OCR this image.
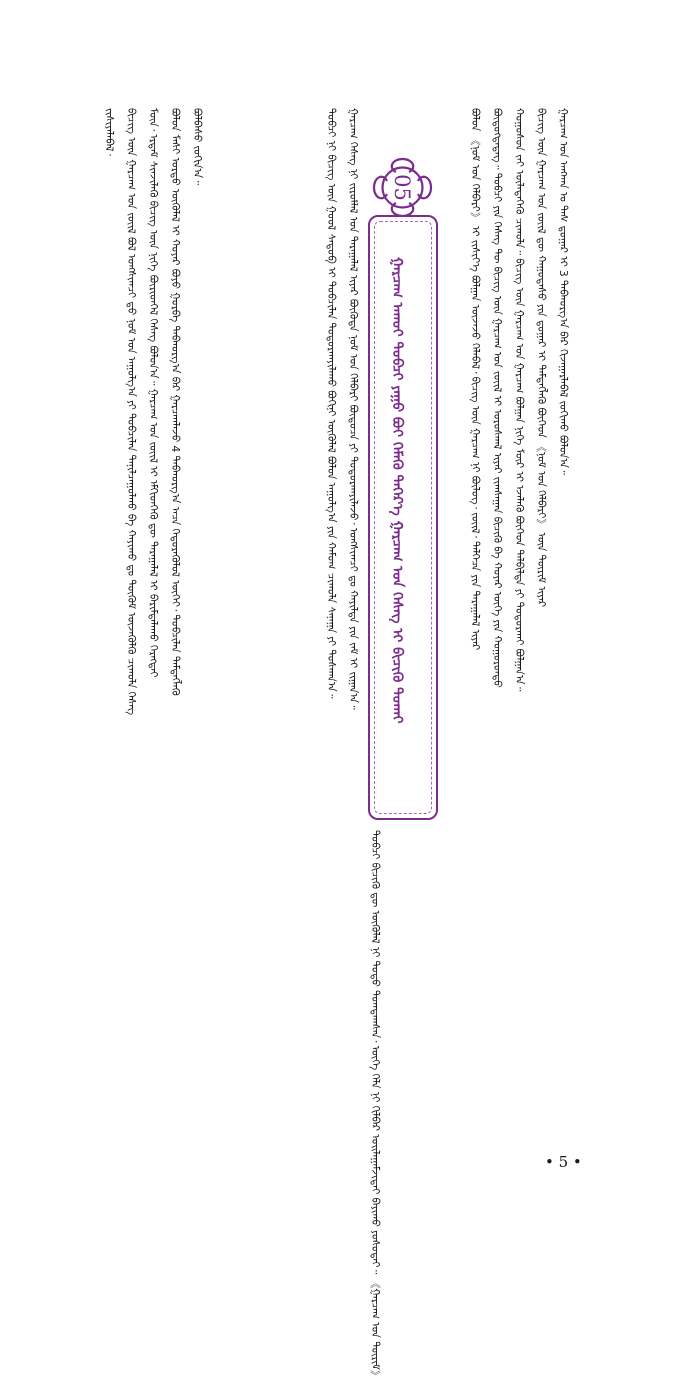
ᠵᠢᠱᠢᠶᠡᠯᠡᠪᠡᠯ᠂ ᠪᠢᠴᠢᠭ᠌ ᠦᠨ ᠭᠠᠷᠴᠠᠭ ᠤᠨ ᠵᠦᠢᠯ ᠪᠣᠯ ᠤᠩᠰᠢᠭᠴᠢ ᠳ᠋ᠤ ᠨᠣᠮ ᠤᠨ ᠠᠭᠤᠯᠭ᠎ᠠ ᠶᠢ ᠲᠣᠪᠴᠢᠯᠠᠨ ᠲᠠᠨᠢᠯᠴᠠᠭᠤᠯᠬᠤ ᠪᠠ ᠬᠠᠶᠢᠬᠤ ᠳᠤ ᠳᠥᠭᠥᠮ ᠦᠵᠡᠭᠦᠯᠬᠦ ᠴᠢᠬᠤᠯᠠ ᠬᠡᠰᠡᠭ ᠮᠥᠨ᠂ ᠡᠷᠳᠡᠮ ᠰᠢᠨᠵᠢᠯᠡᠬᠦ ᠪᠢᠴᠢᠭ᠌ ᠦᠨ ᠨᠢᠭᠡ ᠪᠦᠷᠢᠳᠬᠡᠯ ᠬᠡᠰᠡᠭ ᠪᠣᠯᠤᠨ᠎ᠠ᠃ ᠭᠠᠷᠴᠠᠭ ᠤᠨ ᠵᠦᠢᠯ ᠢ ᠡᠮᠬᠢᠳᠬᠡᠬᠦ ᠳᠦ ᠳᠠᠷᠠᠭᠠᠯᠠᠯ ᠢ ᠪᠠᠷᠢᠮᠲᠠᠯᠠᠬᠤ ᠬᠡᠷᠡᠭᠲᠡᠢ ᠪᠣᠯᠤᠨ ᠮᠠᠰᠢ ᠤᠷᠲᠤ ᠦᠭᠦᠯᠡᠯ ᠢ ᠬᠣᠶᠠᠷ ᠪᠤᠶᠤ ᠭᠤᠷᠪᠠ ᠳᠠᠪᠬᠤᠷᠭ᠎ᠠ ᠪᠠᠷ ᠭᠠᠷᠴᠠᠭᠯᠠᠵᠤ 4 ᠳᠠᠪᠬᠤᠷᠭ᠎ᠠ ᠠᠴᠠ ᠬᠡᠲᠦᠷᠡᠭᠦᠯᠦᠯ ᠦᠭᠡᠢ᠂ ᠲᠣᠪᠴᠢᠯᠠᠨ ᠲᠡᠮᠳᠡᠭᠯᠡᠬᠦ ᠪᠣᠯᠪᠠᠰᠤ ᠵᠣᠬᠢᠨ᠎ᠠ᠃
05
ᠭᠠᠷᠴᠠᠭ ᠠᠬᠤᠢ ᠲᠣᠪᠴᠢ ᠶᠠᠭᠤ ᠪᠤᠢ ᠬᠡᠮᠡᠬᠦ ᠳᠡᠭᠡᠷ᠎ᠡ ᠭᠠᠷᠴᠠᠭ ᠤᠨ ᠬᠡᠰᠡᠭ ᠢ ᠪᠢᠴᠢᠬᠦ ᠲᠤᠬᠠᠢ
ᠲᠣᠪᠴᠢ ᠨᠢ ᠪᠢᠴᠢᠭ᠌ ᠦᠨ ᠭᠣᠤᠯ ᠰᠡᠳᠦᠪ ᠢ ᠲᠣᠪᠴᠢᠯᠠᠨ ᠲᠣᠳᠣᠷᠬᠠᠶᠢᠯᠠᠬᠤ ᠪᠣᠭᠢᠨᠢ ᠦᠭᠦᠯᠡᠯ ᠪᠣᠯᠤᠨ ᠠᠭᠤᠯᠭ᠎ᠠ ᠶᠢᠨ ᠬᠠᠮᠤᠭ ᠴᠢᠬᠤᠯᠠ ᠰᠠᠨᠠᠭᠠ ᠶᠢ ᠲᠤᠰᠬᠠᠨ᠎ᠠ᠃ ᠭᠠᠷᠴᠠᠭ ᠬᠡᠰᠡᠭ ᠨᠢ ᠵᠢᠷᠤᠮᠯᠠᠯ ᠤᠨ ᠳᠠᠷᠠᠭᠠᠯᠠᠯ ᠢᠶᠠᠷ ᠪᠦᠭᠦᠳᠡ ᠨᠣᠮ ᠤᠨ ᠬᠡᠯᠪᠡᠷᠢ ᠪᠦᠲᠦᠴᠡ ᠶᠢ ᠲᠣᠳᠣᠷᠬᠠᠶᠢᠯᠠᠵᠤ᠂ ᠤᠩᠰᠢᠭᠴᠢ ᠳᠤ ᠬᠠᠶᠢᠯᠲᠠ ᠶᠢᠨ ᠵᠠᠮ ᠢ ᠵᠢᠭᠠᠨ᠎ᠠ᠃
ᠲᠣᠪᠴᠢ ᠪᠢᠴᠢᠬᠦ ᠳᠦ ᠦᠭᠦᠯᠡᠯ ᠨᠢ ᠲᠣᠳᠣ ᠲᠣᠭᠲᠠᠭᠰᠠᠨ᠂ ᠦᠭᠡ ᠬᠡᠯᠡ ᠨᠢ ᠬᠢᠯᠪᠠᠷ ᠣᠢᠯᠠᠭᠠᠮᠵᠢᠲᠠᠢ ᠪᠠᠶᠢᠬᠤ ᠶᠣᠰᠤᠲᠠᠢ᠃ 《ᠭᠠᠷᠴᠠᠭ ᠤᠨ ᠳᠦᠷᠢᠮ》
ᠪᠣᠯᠤᠨ 《ᠨᠣᠮ ᠤᠨ ᠬᠡᠯᠪᠡᠷᠢ》 ᠢ ᠵᠢᠱᠢᠶ᠎ᠡ ᠪᠣᠯᠭᠠᠨ ᠦᠵᠡᠵᠦ ᠬᠡᠯᠡᠪᠡᠯ᠂ ᠪᠢᠴᠢᠭ᠌ ᠦᠨ ᠭᠠᠷᠴᠠᠭ ᠨᠢ ᠪᠦᠯᠦᠭ᠂ ᠵᠦᠢᠯ᠂ ᠳᠡᠯᠬᠡᠴᠡ ᠶᠢᠨ ᠳᠠᠷᠠᠭᠠᠯᠠᠯ ᠢᠶᠠᠷ ᠪᠦᠲᠦᠭᠳᠡᠳᠡᠭ᠃ ᠲᠣᠪᠴᠢ ᠶᠢᠨ ᠬᠡᠰᠡᠭ ᠲᠦ ᠪᠢᠴᠢᠭ᠌ ᠦᠨ ᠭᠠᠷᠴᠠᠭ ᠤᠨ ᠵᠦᠢᠯ ᠢ ᠤᠷᠤᠰᠬᠠᠯ ᠢᠶᠠᠷ ᠵᠢᠭᠰᠠᠭᠠᠨ ᠪᠢᠴᠢᠬᠦ ᠪᠠ ᠬᠣᠶᠠᠷ ᠦᠭᠡ ᠶᠢᠨ ᠬᠣᠭᠣᠷᠤᠨᠳᠣ ᠬᠣᠭᠣᠰᠣᠨ ᠵᠠᠢ ᠦᠯᠡᠳᠡᠭᠡᠬᠦ ᠴᠢᠬᠤᠯᠠ᠃ ᠪᠢᠴᠢᠭ᠌ ᠦᠨ ᠭᠠᠷᠴᠠᠭ ᠤᠨ ᠭᠠᠷᠴᠠᠭ ᠪᠣᠯᠭᠠᠨ ᠨᠢᠭᠡ ᠮᠥᠷ ᠢ ᠡᠵᠡᠯᠡᠬᠦ ᠪᠥᠭᠡᠳ ᠲᠠᠯᠪᠢᠯᠲᠠ ᠶᠢ ᠲᠣᠳᠣᠷᠬᠠᠢ ᠪᠣᠯᠭᠠᠨ᠎ᠠ᠃ ᠪᠢᠴᠢᠭ᠌ ᠦᠨ ᠭᠠᠷᠴᠠᠭ ᠤᠨ ᠵᠦᠢᠯ ᠳᠦ ᠬᠠᠭᠤᠳᠠᠰᠤ ᠶᠢᠨ ᠳ᠋ᠤᠭᠠᠷ ᠢ ᠲᠡᠮᠳᠡᠭᠯᠡᠬᠦ ᠪᠥᠭᠡᠳ 《ᠨᠣᠮ ᠤᠨ ᠬᠡᠯᠪᠡᠷᠢ》 ᠦᠨ ᠳᠦᠷᠢᠮ ᠢᠶᠠᠷ ᠭᠠᠷᠴᠠᠭ ᠤᠨ ᠠᠩᠬᠠᠨ ᠤ ᠳᠡᠰ ᠳ᠋ᠤᠭᠠᠷ ᠢ 3 ᠳᠠᠪᠬᠤᠷᠭ᠎ᠠ ᠪᠠᠷ ᠬᠢᠵᠠᠭᠠᠷᠯᠠᠪᠠᠯ ᠵᠣᠬᠢᠬᠤ ᠪᠣᠯᠤᠨ᠎ᠠ᠃
• 5 •
